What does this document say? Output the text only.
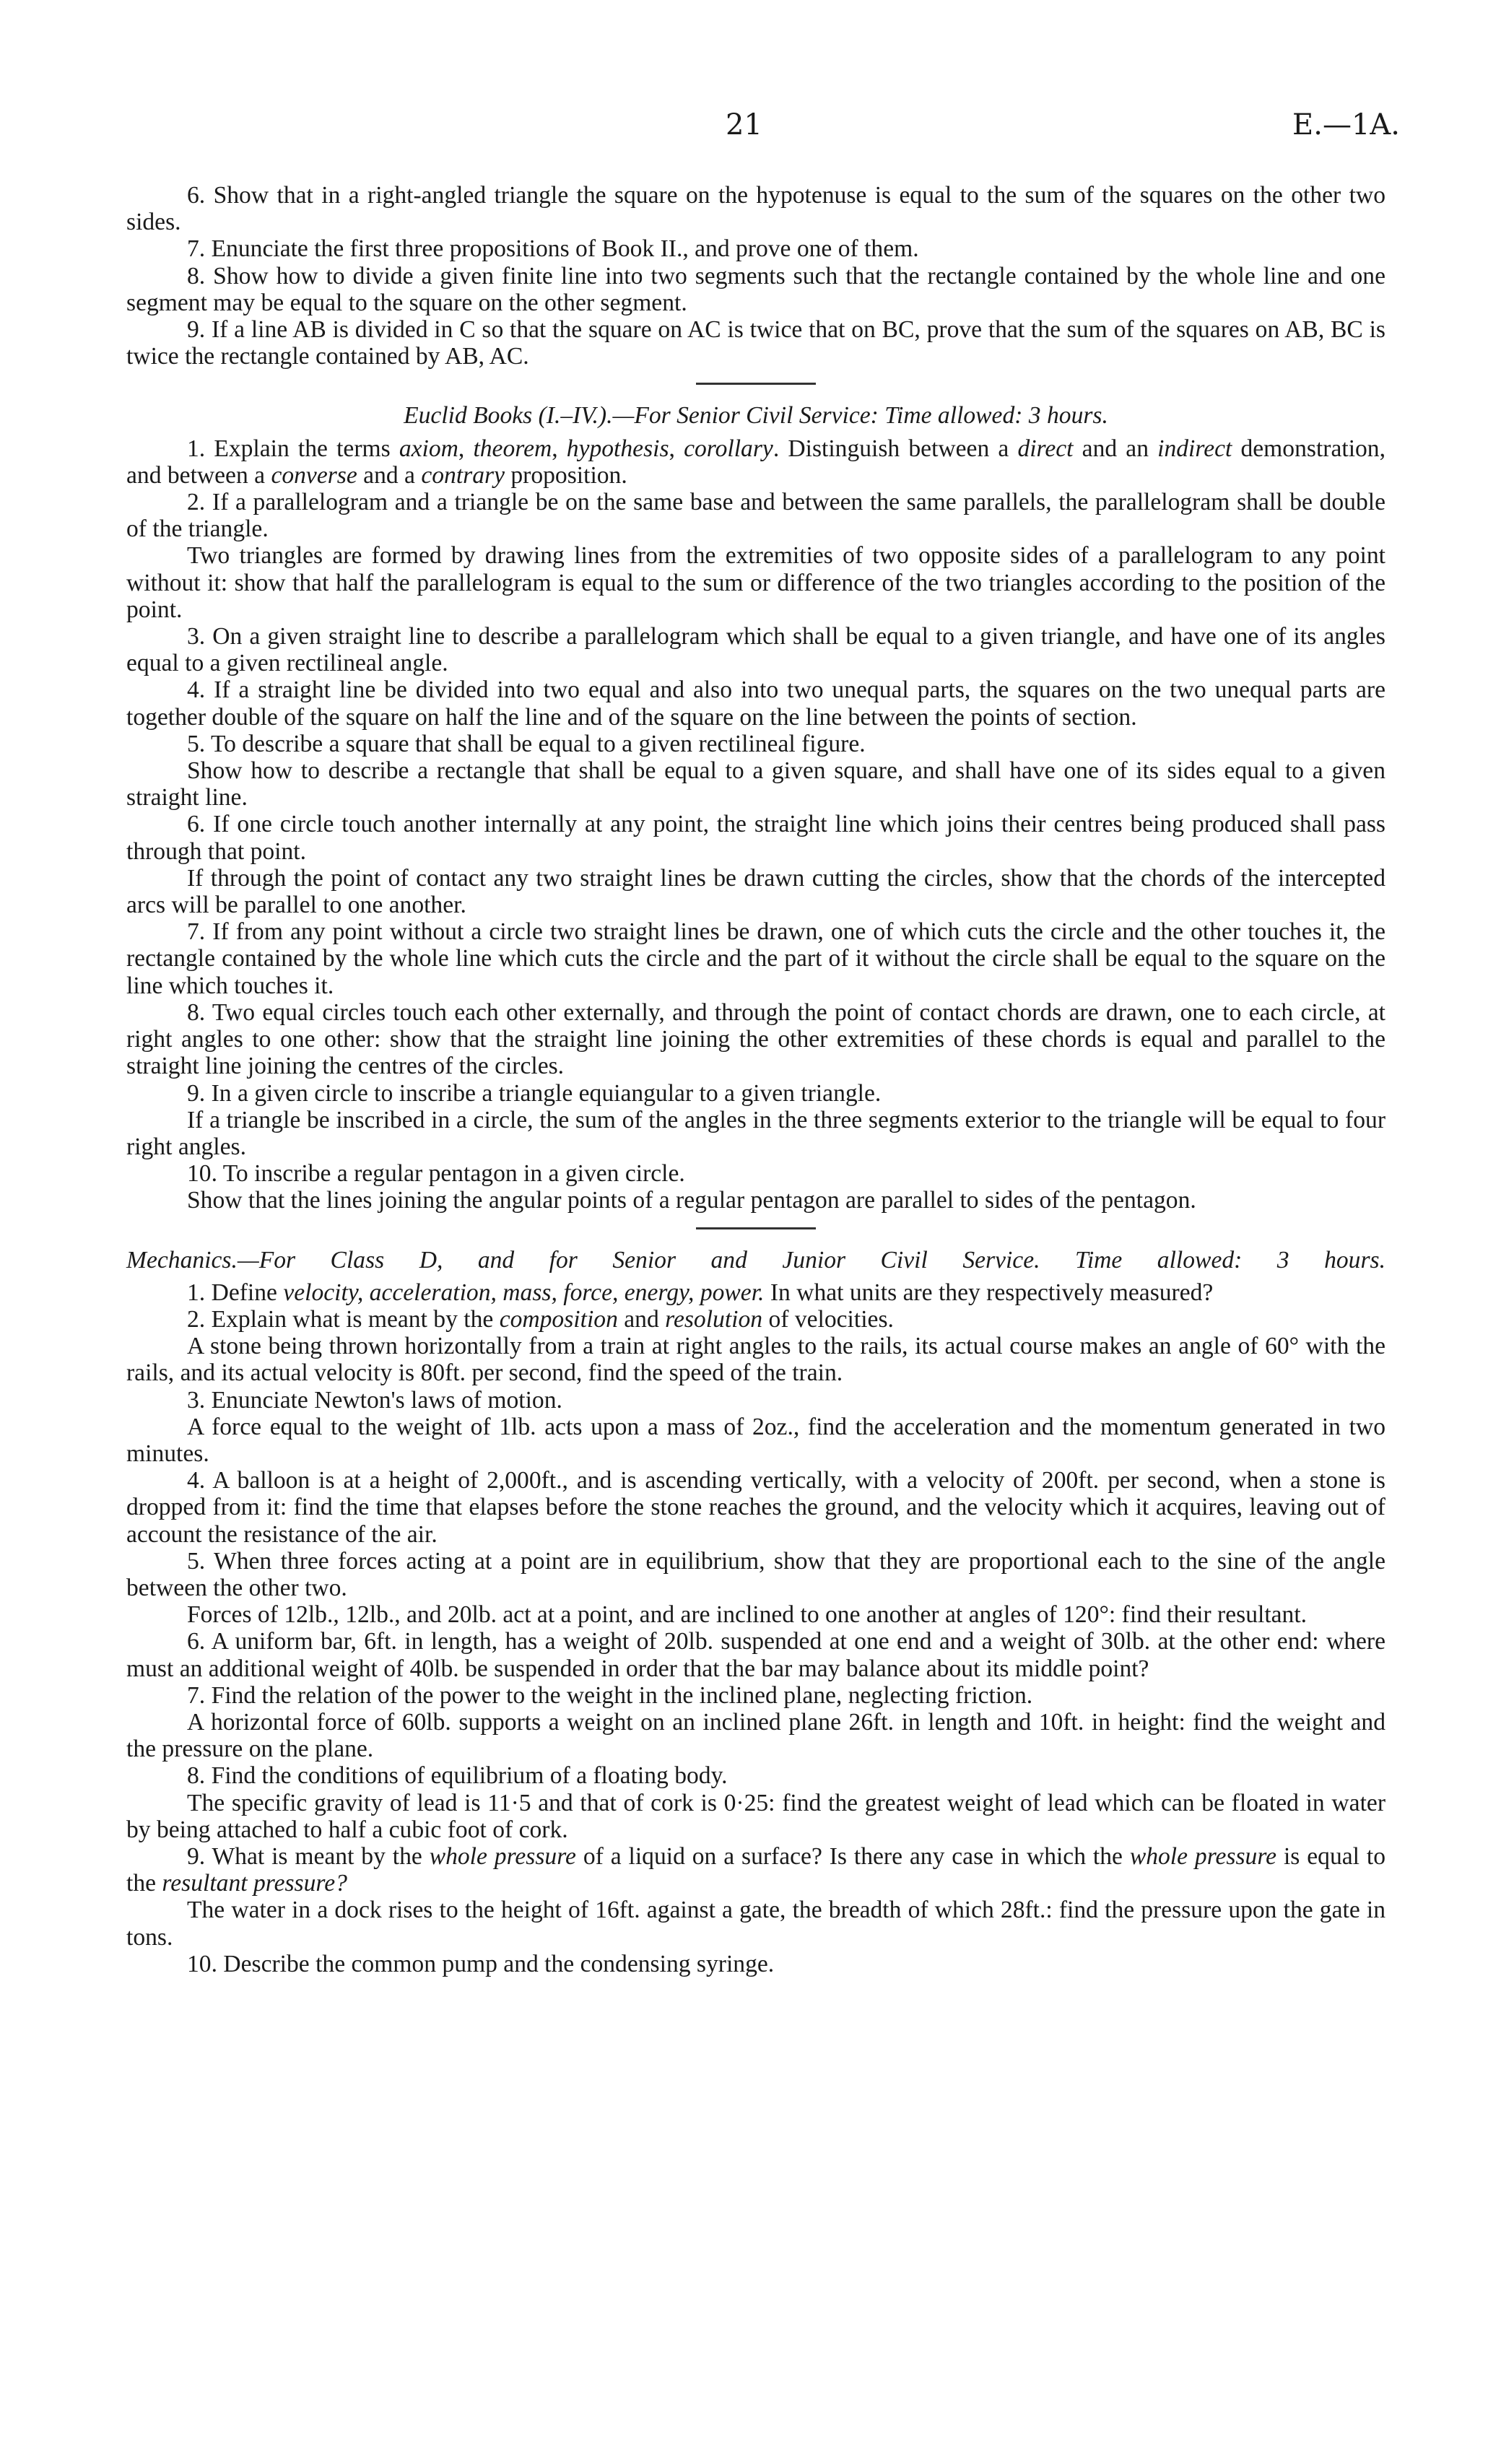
21	E.—1A.

6. Show that in a right-angled triangle the square on the hypotenuse is equal to the sum of the squares on the other two sides.

7. Enunciate the first three propositions of Book II., and prove one of them.

8. Show how to divide a given finite line into two segments such that the rectangle contained by the whole line and one segment may be equal to the square on the other segment.

9. If a line AB is divided in C so that the square on AC is twice that on BC, prove that the sum of the squares on AB, BC is twice the rectangle contained by AB, AC.

Euclid Books (I.–IV.).—For Senior Civil Service: Time allowed: 3 hours.

1. Explain the terms axiom, theorem, hypothesis, corollary. Distinguish between a direct and an indirect demonstration, and between a converse and a contrary proposition.

2. If a parallelogram and a triangle be on the same base and between the same parallels, the parallelogram shall be double of the triangle.

Two triangles are formed by drawing lines from the extremities of two opposite sides of a parallelogram to any point without it: show that half the parallelogram is equal to the sum or difference of the two triangles according to the position of the point.

3. On a given straight line to describe a parallelogram which shall be equal to a given triangle, and have one of its angles equal to a given rectilineal angle.

4. If a straight line be divided into two equal and also into two unequal parts, the squares on the two unequal parts are together double of the square on half the line and of the square on the line between the points of section.

5. To describe a square that shall be equal to a given rectilineal figure.

Show how to describe a rectangle that shall be equal to a given square, and shall have one of its sides equal to a given straight line.

6. If one circle touch another internally at any point, the straight line which joins their centres being produced shall pass through that point.

If through the point of contact any two straight lines be drawn cutting the circles, show that the chords of the intercepted arcs will be parallel to one another.

7. If from any point without a circle two straight lines be drawn, one of which cuts the circle and the other touches it, the rectangle contained by the whole line which cuts the circle and the part of it without the circle shall be equal to the square on the line which touches it.

8. Two equal circles touch each other externally, and through the point of contact chords are drawn, one to each circle, at right angles to one other: show that the straight line joining the other extremities of these chords is equal and parallel to the straight line joining the centres of the circles.

9. In a given circle to inscribe a triangle equiangular to a given triangle.

If a triangle be inscribed in a circle, the sum of the angles in the three segments exterior to the triangle will be equal to four right angles.

10. To inscribe a regular pentagon in a given circle.

Show that the lines joining the angular points of a regular pentagon are parallel to sides of the pentagon.

Mechanics.—For Class D, and for Senior and Junior Civil Service. Time allowed: 3 hours.

1. Define velocity, acceleration, mass, force, energy, power. In what units are they respectively measured?

2. Explain what is meant by the composition and resolution of velocities.

A stone being thrown horizontally from a train at right angles to the rails, its actual course makes an angle of 60° with the rails, and its actual velocity is 80ft. per second, find the speed of the train.

3. Enunciate Newton's laws of motion.

A force equal to the weight of 1lb. acts upon a mass of 2oz., find the acceleration and the momentum generated in two minutes.

4. A balloon is at a height of 2,000ft., and is ascending vertically, with a velocity of 200ft. per second, when a stone is dropped from it: find the time that elapses before the stone reaches the ground, and the velocity which it acquires, leaving out of account the resistance of the air.

5. When three forces acting at a point are in equilibrium, show that they are proportional each to the sine of the angle between the other two.

Forces of 12lb., 12lb., and 20lb. act at a point, and are inclined to one another at angles of 120°: find their resultant.

6. A uniform bar, 6ft. in length, has a weight of 20lb. suspended at one end and a weight of 30lb. at the other end: where must an additional weight of 40lb. be suspended in order that the bar may balance about its middle point?

7. Find the relation of the power to the weight in the inclined plane, neglecting friction.

A horizontal force of 60lb. supports a weight on an inclined plane 26ft. in length and 10ft. in height: find the weight and the pressure on the plane.

8. Find the conditions of equilibrium of a floating body.

The specific gravity of lead is 11·5 and that of cork is 0·25: find the greatest weight of lead which can be floated in water by being attached to half a cubic foot of cork.

9. What is meant by the whole pressure of a liquid on a surface? Is there any case in which the whole pressure is equal to the resultant pressure?

The water in a dock rises to the height of 16ft. against a gate, the breadth of which 28ft.: find the pressure upon the gate in tons.

10. Describe the common pump and the condensing syringe.
